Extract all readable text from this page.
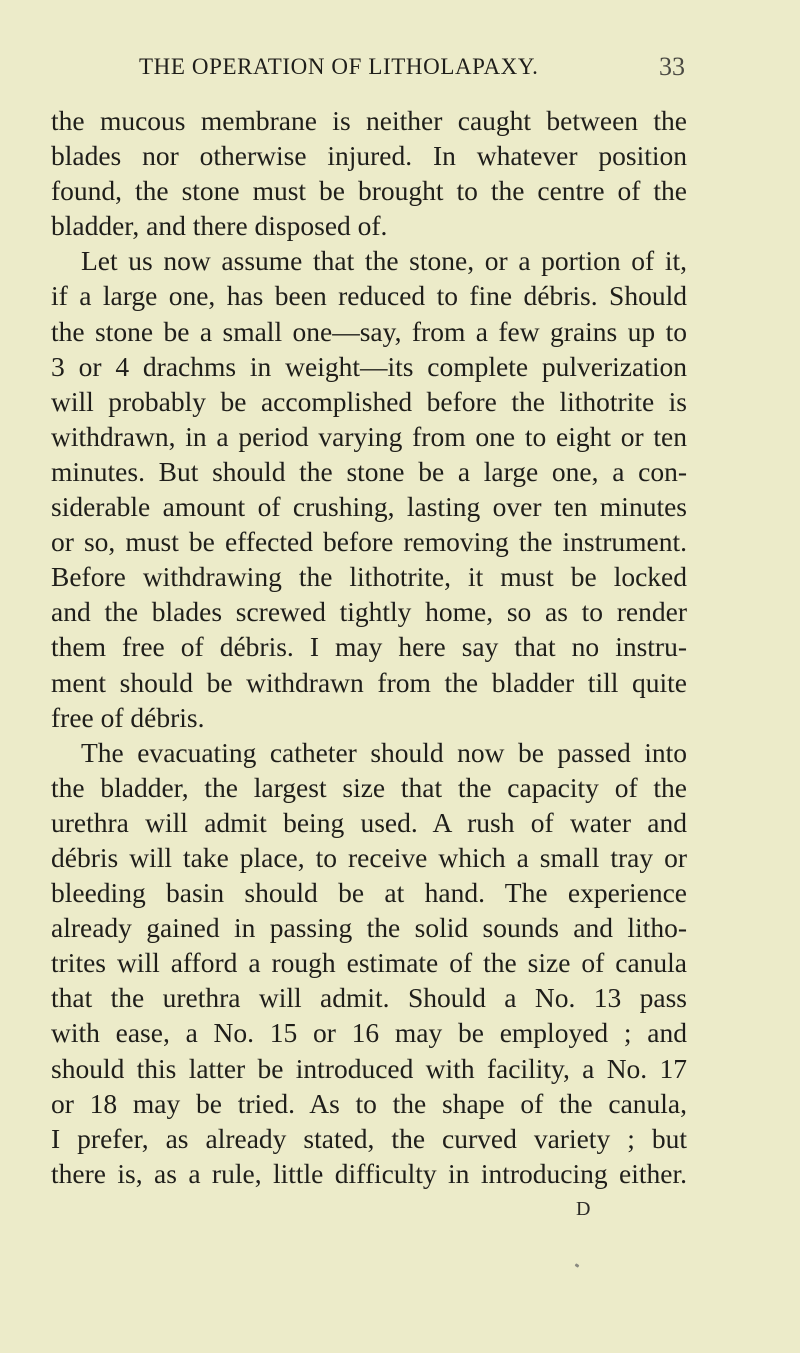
THE OPERATION OF LITHOLAPAXY.	33
the mucous membrane is neither caught between the
blades nor otherwise injured. In whatever position
found, the stone must be brought to the centre of the
bladder, and there disposed of.
Let us now assume that the stone, or a portion of it,
if a large one, has been reduced to fine débris. Should
the stone be a small one—say, from a few grains up to
3 or 4 drachms in weight—its complete pulverization
will probably be accomplished before the lithotrite is
withdrawn, in a period varying from one to eight or ten
minutes. But should the stone be a large one, a con-
siderable amount of crushing, lasting over ten minutes
or so, must be effected before removing the instrument.
Before withdrawing the lithotrite, it must be locked
and the blades screwed tightly home, so as to render
them free of débris. I may here say that no instru-
ment should be withdrawn from the bladder till quite
free of débris.
The evacuating catheter should now be passed into
the bladder, the largest size that the capacity of the
urethra will admit being used. A rush of water and
débris will take place, to receive which a small tray or
bleeding basin should be at hand. The experience
already gained in passing the solid sounds and litho-
trites will afford a rough estimate of the size of canula
that the urethra will admit. Should a No. 13 pass
with ease, a No. 15 or 16 may be employed ; and
should this latter be introduced with facility, a No. 17
or 18 may be tried. As to the shape of the canula,
I prefer, as already stated, the curved variety ; but
there is, as a rule, little difficulty in introducing either.
D
